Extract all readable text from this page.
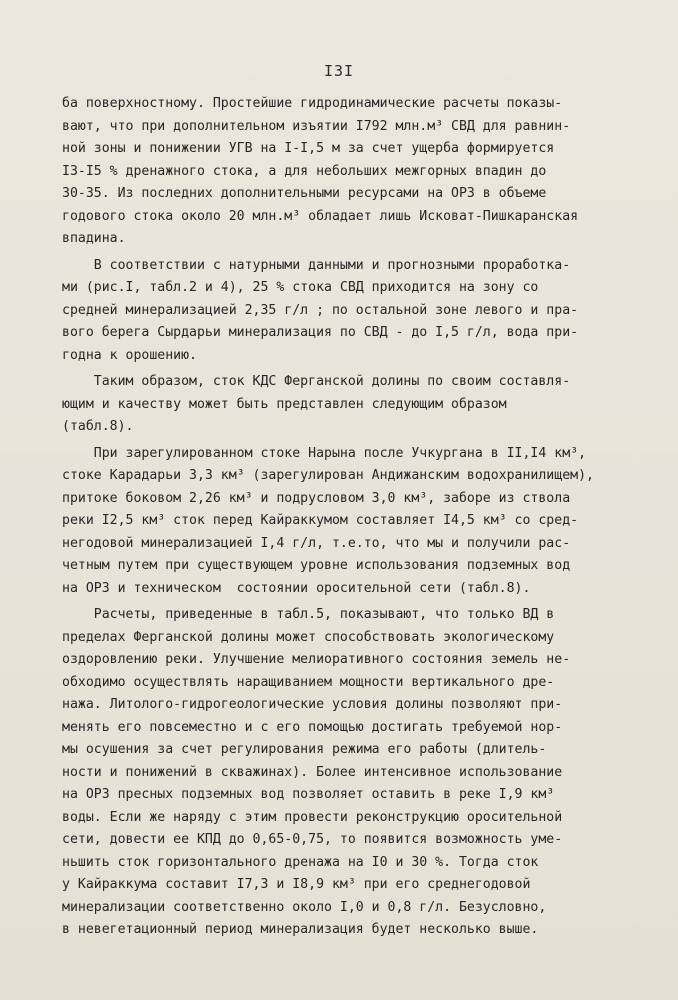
I3I
ба поверхностному. Простейшие гидродинамические расчеты показы-
вают, что при дополнительном изъятии I792 млн.м³ СВД для равнин-
ной зоны и понижении УГВ на I-I,5 м за счет ущерба формируется
I3-I5 % дренажного стока, а для небольших межгорных впадин до
30-35. Из последних дополнительными ресурсами на ОРЗ в объеме
годового стока около 20 млн.м³ обладает лишь Исковат-Пишкаранская
впадина.
В соответствии с натурными данными и прогнозными проработка-
ми (рис.I, табл.2 и 4), 25 % стока СВД приходится на зону со
средней минерализацией 2,35 г/л ; по остальной зоне левого и пра-
вого берега Сырдарьи минерализация по СВД - до I,5 г/л, вода при-
годна к орошению.
Таким образом, сток КДС Ферганской долины по своим составля-
ющим и качеству может быть представлен следующим образом
(табл.8).
При зарегулированном стоке Нарына после Учкургана в II,I4 км³,
стоке Карадарьи 3,3 км³ (зарегулирован Андижанским водохранилищем),
притоке боковом 2,26 км³ и подрусловом 3,0 км³, заборе из ствола
реки I2,5 км³ сток перед Кайраккумом составляет I4,5 км³ со сред-
негодовой минерализацией I,4 г/л, т.е.то, что мы и получили рас-
четным путем при существующем уровне использования подземных вод
на ОРЗ и техническом  состоянии оросительной сети (табл.8).
Расчеты, приведенные в табл.5, показывают, что только ВД в
пределах Ферганской долины может способствовать экологическому
оздоровлению реки. Улучшение мелиоративного состояния земель не-
обходимо осуществлять наращиванием мощности вертикального дре-
нажа. Литолого-гидрогеологические условия долины позволяют при-
менять его повсеместно и с его помощью достигать требуемой нор-
мы осушения за счет регулирования режима его работы (длитель-
ности и понижений в скважинах). Более интенсивное использование
на ОРЗ пресных подземных вод позволяет оставить в реке I,9 км³
воды. Если же наряду с этим провести реконструкцию оросительной
сети, довести ее КПД до 0,65-0,75, то появится возможность умe-
ньшить сток горизонтального дренажа на I0 и 30 %. Тогда сток
у Кайраккума составит I7,3 и I8,9 км³ при его среднегодовой
минерализации соответственно около I,0 и 0,8 г/л. Безусловно,
в невегетационный период минерализация будет несколько выше.
